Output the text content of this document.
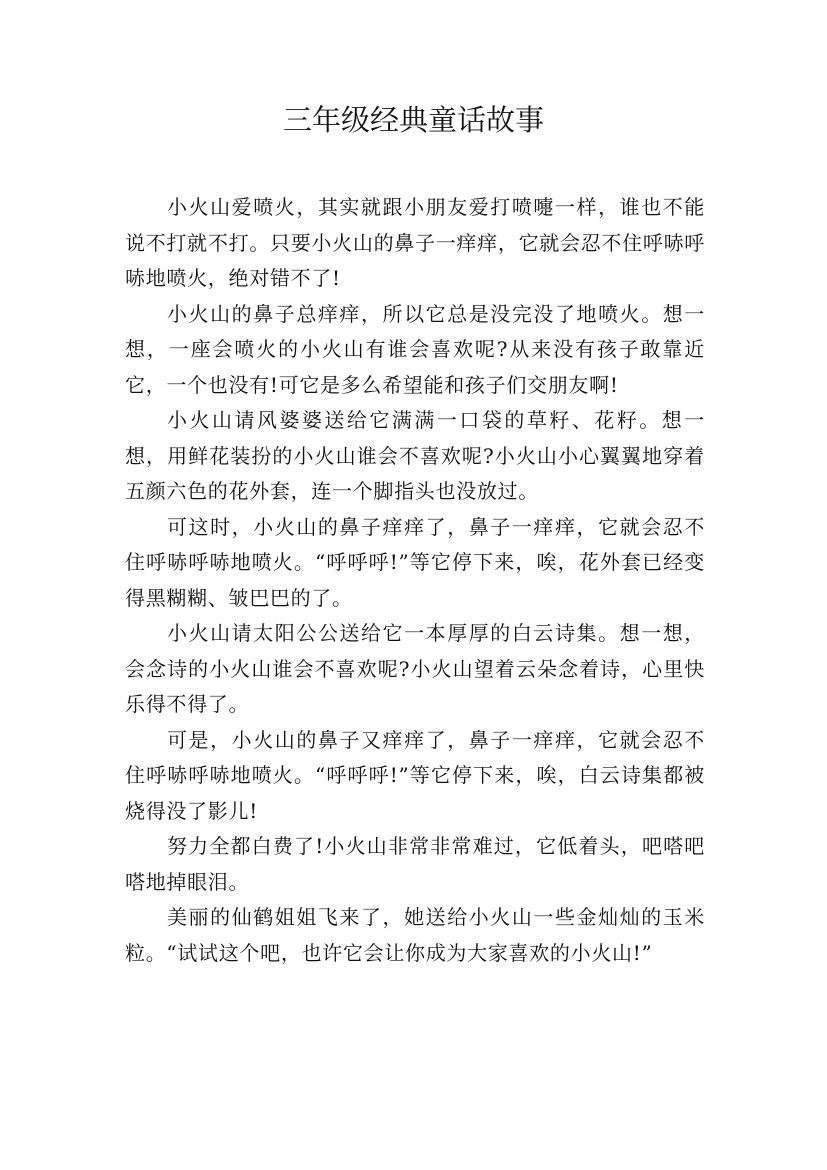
三年级经典童话故事

小火山爱喷火，其实就跟小朋友爱打喷嚏一样，谁也不能说不打就不打。只要小火山的鼻子一痒痒，它就会忍不住呼哧呼哧地喷火，绝对错不了!

小火山的鼻子总痒痒，所以它总是没完没了地喷火。想一想，一座会喷火的小火山有谁会喜欢呢?从来没有孩子敢靠近它，一个也没有!可它是多么希望能和孩子们交朋友啊!

小火山请风婆婆送给它满满一口袋的草籽、花籽。想一想，用鲜花装扮的小火山谁会不喜欢呢?小火山小心翼翼地穿着五颜六色的花外套，连一个脚指头也没放过。

可这时，小火山的鼻子痒痒了，鼻子一痒痒，它就会忍不住呼哧呼哧地喷火。“呼呼呼!”等它停下来，唉，花外套已经变得黑糊糊、皱巴巴的了。

小火山请太阳公公送给它一本厚厚的白云诗集。想一想，会念诗的小火山谁会不喜欢呢?小火山望着云朵念着诗，心里快乐得不得了。

可是，小火山的鼻子又痒痒了，鼻子一痒痒，它就会忍不住呼哧呼哧地喷火。“呼呼呼!”等它停下来，唉，白云诗集都被烧得没了影儿!

努力全都白费了!小火山非常非常难过，它低着头，吧嗒吧嗒地掉眼泪。

美丽的仙鹤姐姐飞来了，她送给小火山一些金灿灿的玉米粒。“试试这个吧，也许它会让你成为大家喜欢的小火山!”
